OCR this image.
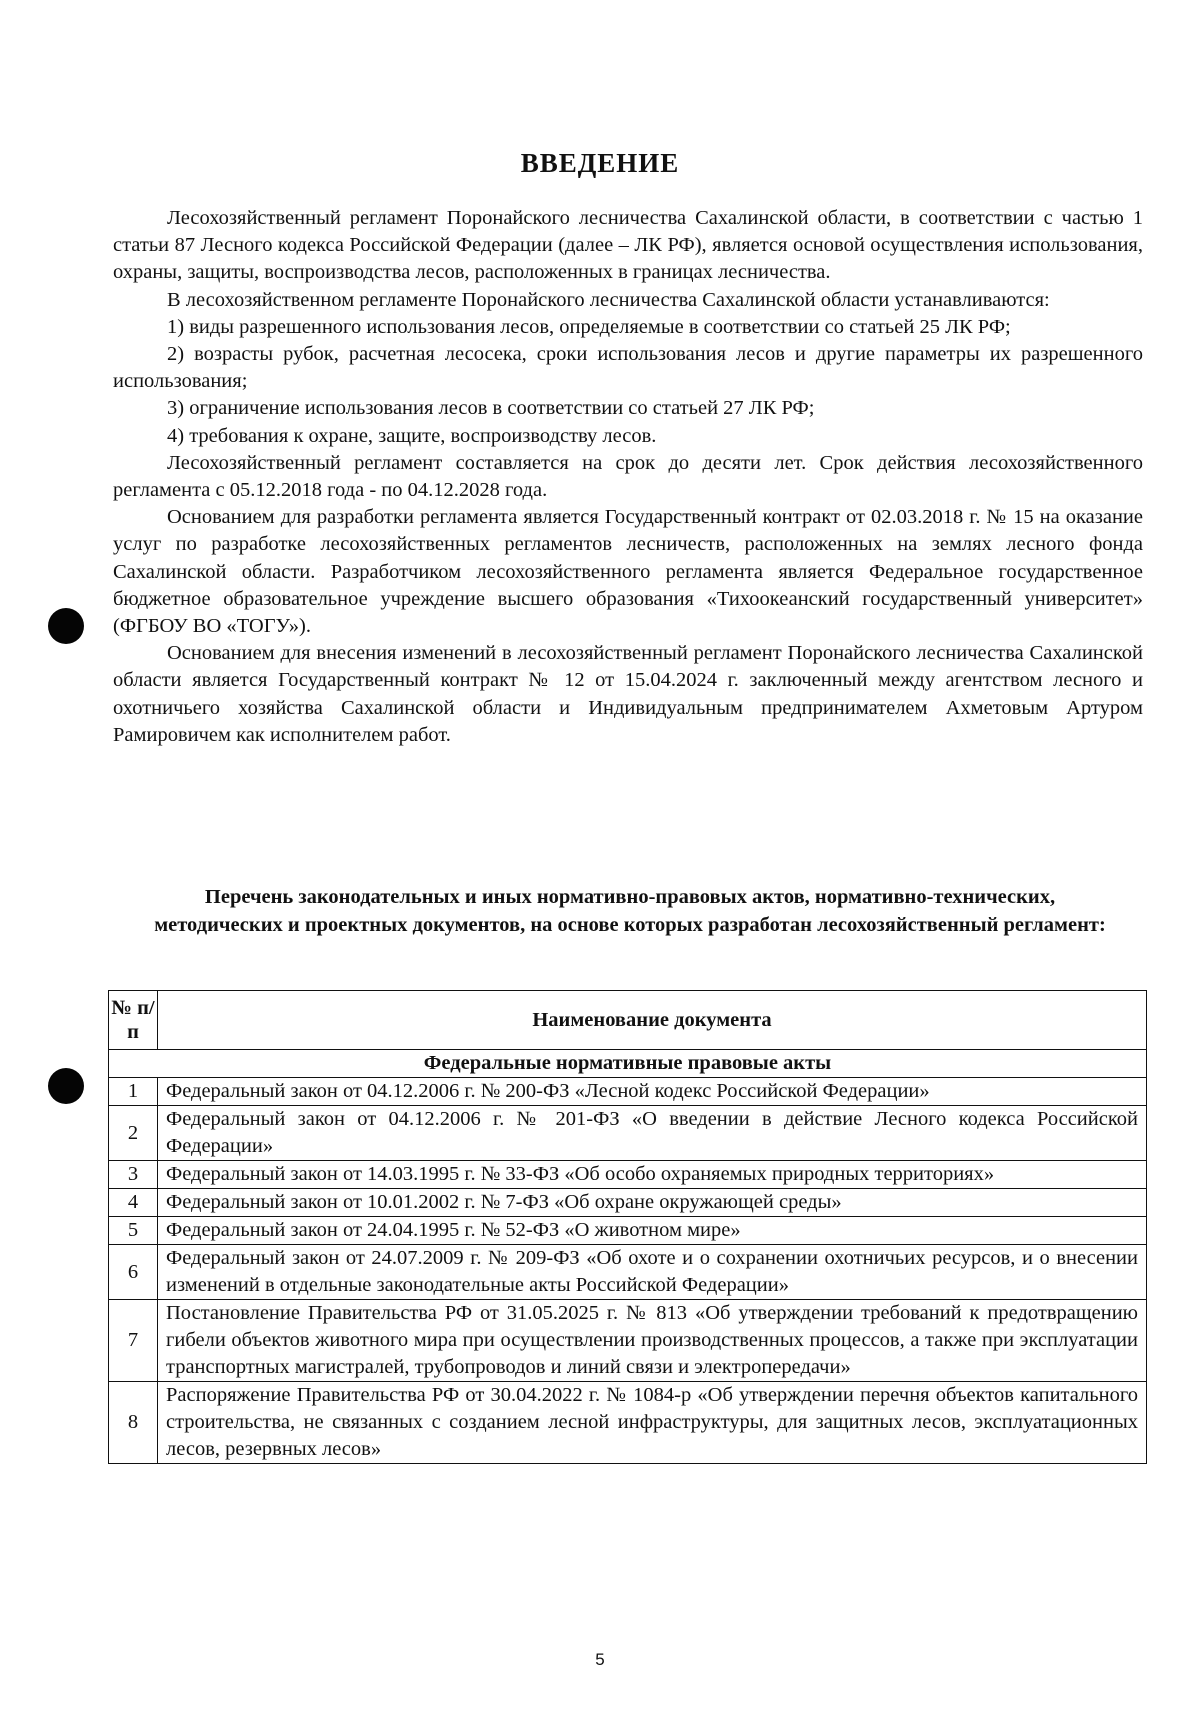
ВВЕДЕНИЕ

Лесохозяйственный регламент Поронайского лесничества Сахалинской области, в соответствии с частью 1 статьи 87 Лесного кодекса Российской Федерации (далее – ЛК РФ), является основой осуществления использования, охраны, защиты, воспроизводства лесов, расположенных в границах лесничества.

В лесохозяйственном регламенте Поронайского лесничества Сахалинской области устанавливаются:

1) виды разрешенного использования лесов, определяемые в соответствии со статьей 25 ЛК РФ;

2) возрасты рубок, расчетная лесосека, сроки использования лесов и другие параметры их разрешенного использования;

3) ограничение использования лесов в соответствии со статьей 27 ЛК РФ;

4) требования к охране, защите, воспроизводству лесов.

Лесохозяйственный регламент составляется на срок до десяти лет. Срок действия лесохозяйственного регламента с 05.12.2018 года - по 04.12.2028 года.

Основанием для разработки регламента является Государственный контракт от 02.03.2018 г. № 15 на оказание услуг по разработке лесохозяйственных регламентов лесничеств, расположенных на землях лесного фонда Сахалинской области. Разработчиком лесохозяйственного регламента является Федеральное государственное бюджетное образовательное учреждение высшего образования «Тихоокеанский государственный университет» (ФГБОУ ВО «ТОГУ»).

Основанием для внесения изменений в лесохозяйственный регламент Поронайского лесничества Сахалинской области является Государственный контракт № 12 от 15.04.2024 г. заключенный между агентством лесного и охотничьего хозяйства Сахалинской области и Индивидуальным предпринимателем Ахметовым Артуром Рамировичем как исполнителем работ.

Перечень законодательных и иных нормативно-правовых актов, нормативно-технических, методических и проектных документов, на основе которых разработан лесохозяйственный регламент:
№ п/п	Наименование документа
Федеральные нормативные правовые акты	
1	Федеральный закон от 04.12.2006 г. № 200-ФЗ «Лесной кодекс Российской Федерации»
2	Федеральный закон от 04.12.2006 г. № 201-ФЗ «О введении в действие Лесного кодекса Российской Федерации»
3	Федеральный закон от 14.03.1995 г. № 33-ФЗ «Об особо охраняемых природных территориях»
4	Федеральный закон от 10.01.2002 г. № 7-ФЗ «Об охране окружающей среды»
5	Федеральный закон от 24.04.1995 г. № 52-ФЗ «О животном мире»
6	Федеральный закон от 24.07.2009 г. № 209-ФЗ «Об охоте и о сохранении охотничьих ресурсов, и о внесении изменений в отдельные законодательные акты Российской Федерации»
7	Постановление Правительства РФ от 31.05.2025 г. № 813 «Об утверждении требований к предотвращению гибели объектов животного мира при осуществлении производственных процессов, а также при эксплуатации транспортных магистралей, трубопроводов и линий связи и электропередачи»
8	Распоряжение Правительства РФ от 30.04.2022 г. № 1084-р «Об утверждении перечня объектов капитального строительства, не связанных с созданием лесной инфраструктуры, для защитных лесов, эксплуатационных лесов, резервных лесов»
5
